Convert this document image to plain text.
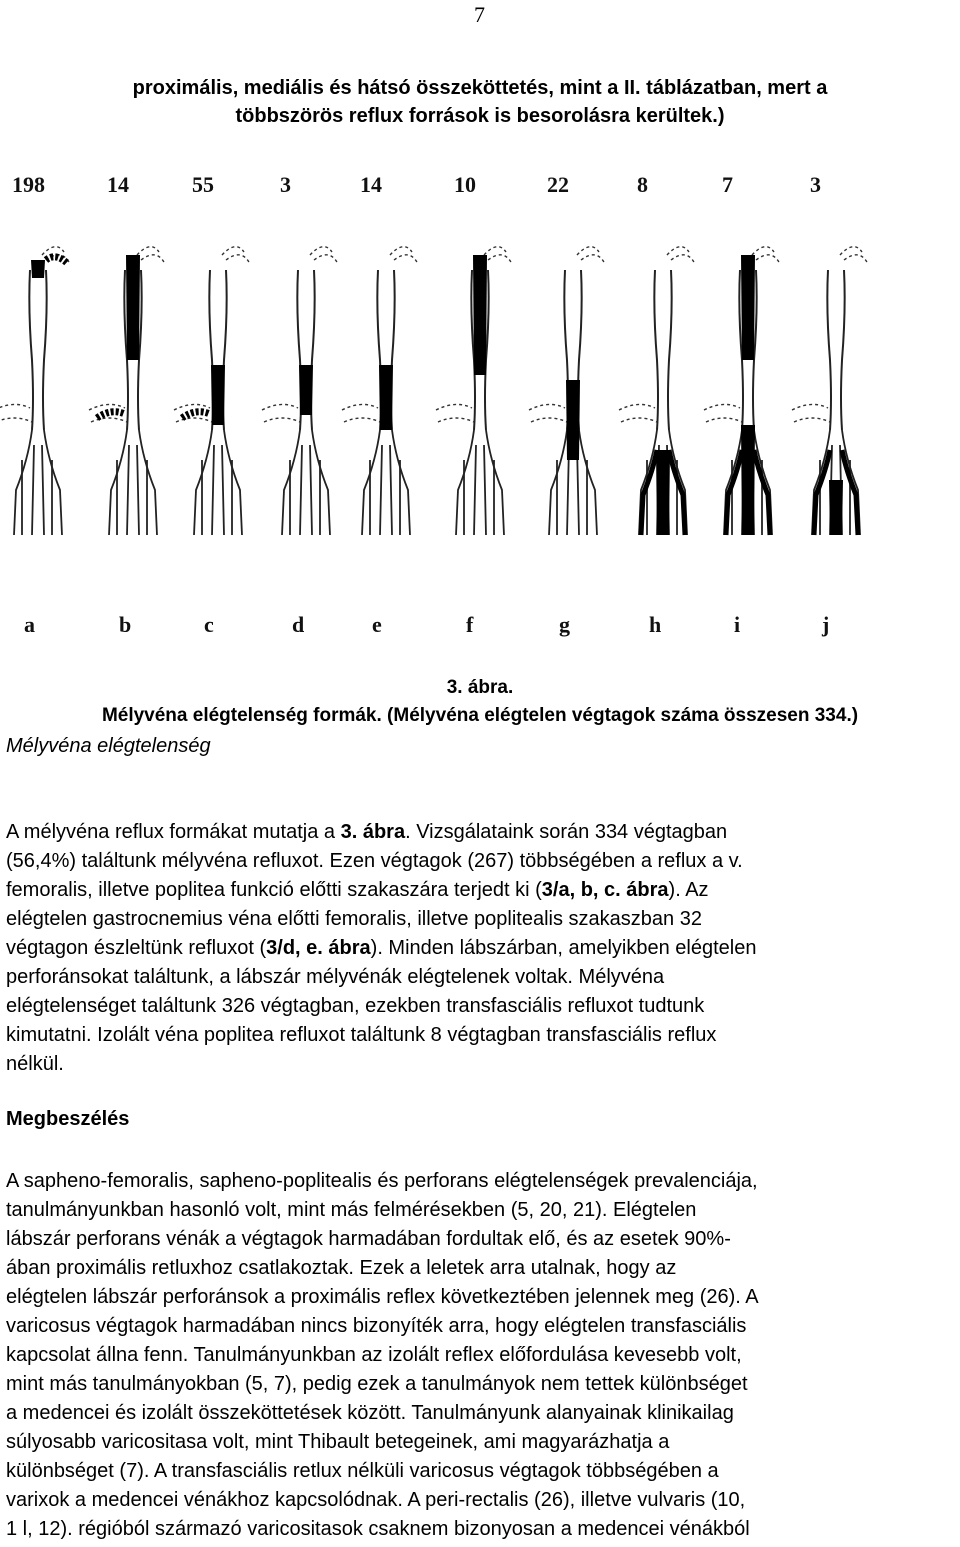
7
proximális, mediális és hátsó összekötteté‌s, mint a II. táblázatban, mert a
többszörös reflux források is besorolásra kerültek.)
198	14	55	3	14	10	22	8	7	3
a	b	c	d	e	f	g	h	i	j
3. ábra.
Mélyvéna elégtelenség formák. (Mélyvéna elégtelen végtagok száma összesen 334.)
Mélyvéna elégtelenség
A mélyvéna reflux formákat mutatja a 3. ábra. Vizsgálataink során 334 végtagban
(56,4%) találtunk mélyvéna refluxot. Ezen végtagok (267) többségében a reflux a v.
femoralis, illetve poplitea funkció előtti szakaszára terjedt ki (3/a, b, c. ábra). Az
elégtelen gastrocnemius véna előtti femoralis, illetve poplitealis szakaszban 32
végtagon észleltünk refluxot (3/d, e. ábra). Minden lábszárban, amelyikben elégtelen
perforánsokat találtunk, a lábszár mélyvénák elégtelenek voltak. Mélyvéna
elégtelenséget találtunk 326 végtagban, ezekben transfasciális refluxot tudtunk
kimutatni. Izolált véna poplitea refluxot találtunk 8 végtagban transfasciális reflux
nélkül.
Megbeszélés
A sapheno-femoralis, sapheno-poplitealis és perforans elégtelenségek prevalenciája,
tanulmányunkban hasonló volt, mint más felmérésekben (5, 20, 21). Elégtelen
lábszár perforans vénák a végtagok harmadában fordultak elő, és az esetek 90%-
ában proximális retluxhoz csatlakoztak. Ezek a leletek arra utalnak, hogy az
elégtelen lábszár perforánsok a proximális reflex következtében jelennek meg (26). A
varicosus végtagok harmadában nincs bizonyíték arra, hogy elégtelen transfasciális
kapcsolat állna fenn. Tanulmányunkban az izolált reflex előfordulása kevesebb volt,
mint más tanulmányokban (5, 7), pedig ezek a tanulmányok nem tettek különbséget
a medencei és izolált összeköttetések között. Tanulmányunk alanyainak klinikailag
súlyosabb varicositasa volt, mint Thibault betegeinek, ami magyarázhatja a
különbséget (7). A transfasciális retlux nélküli varicosus végtagok többségében a
varixok a medencei vénákhoz kapcsolódnak. A peri-rectalis (26), illetve vulvaris (10,
1 l, 12). régióból származó varicositasok csaknem bizonyosan a medencei vénákból
